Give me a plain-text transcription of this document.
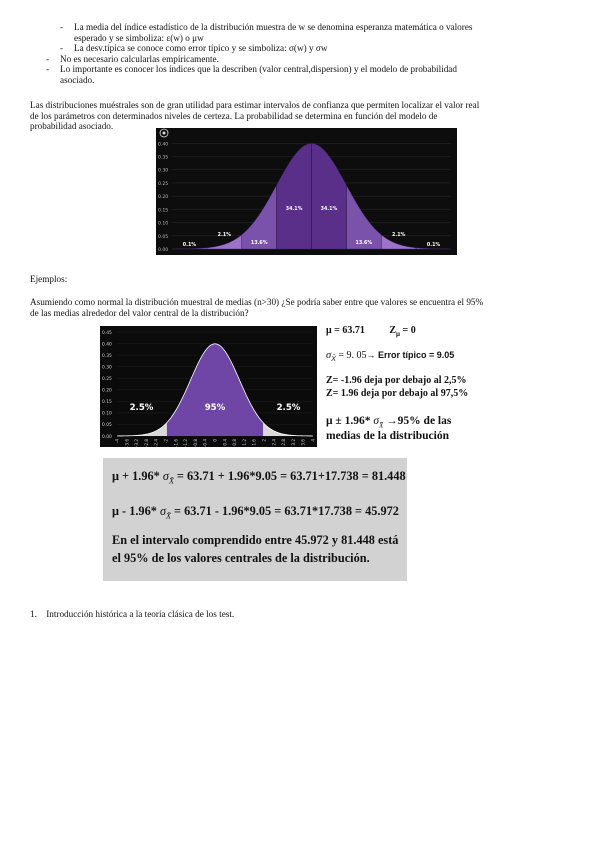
- La media del índice estadístico de la distribución muestra de w se denomina esperanza matemática o valores
esperado y se simboliza: ε(w) o μw
- La desv.típica se conoce como error típico y se simboliza: σ(w) y σw
- No es necesario calcularlas empíricamente.
- Lo importante es conocer los índices que la describen (valor central,dispersion) y el modelo de probabilidad
asociado.
Las distribuciones muéstrales son de gran utilidad para estimar intervalos de confianza que permiten localizar el valor real
de los parámetros con determinados niveles de certeza. La probabilidad se determina en función del modelo de
probabilidad asociado.
0.40
0.35
0.30
0.25
0.20
0.15
0.10
0.05
0.00
0.1%
2.1%
13.6%
34.1%	34.1%
13.6%
2.1%
0.1%
Ejemplos:
Asumiendo como normal la distribución muestral de medias (n>30) ¿Se podría saber entre que valores se encuentra el 95%
de las medias alrededor del valor central de la distribución?
0.45
0.40
0.35
0.30
0.25
0.20
0.15
0.10
0.05
0.00
-4 -3.6 -3.2 -2.8 -2.4 -2 -1.6 -1.2 -0.8 -0.4 0 0.4 0.8 1.2 1.6 2 2.4 2.8 3.2 3.6 4
2.5%	95%	2.5%
μ = 63.71 $Z_\mu = 0$
$\sigma_{X̄} = 9$. 05→ Error típico = 9.05
Z= -1.96 deja por debajo al 2,5%
Z= 1.96 deja por debajo al 97,5%
μ ± 1.96* $\sigma_{X̄} \to 95\%$ de las
medias de la distribución
μ + 1.96* $\sigma_{X̄} = 63.71 + 1.96*9.05 = 63.71+17.738 = 81.448$
μ - 1.96* $\sigma_{X̄} = 63.71 - 1.96*9.05 = 63.71*17.738 = 45.972$
En el intervalo comprendido entre 45.972 y 81.448 está
el 95% de los valores centrales de la distribución.
1. Introducción histórica a la teoría clásica de los test.
